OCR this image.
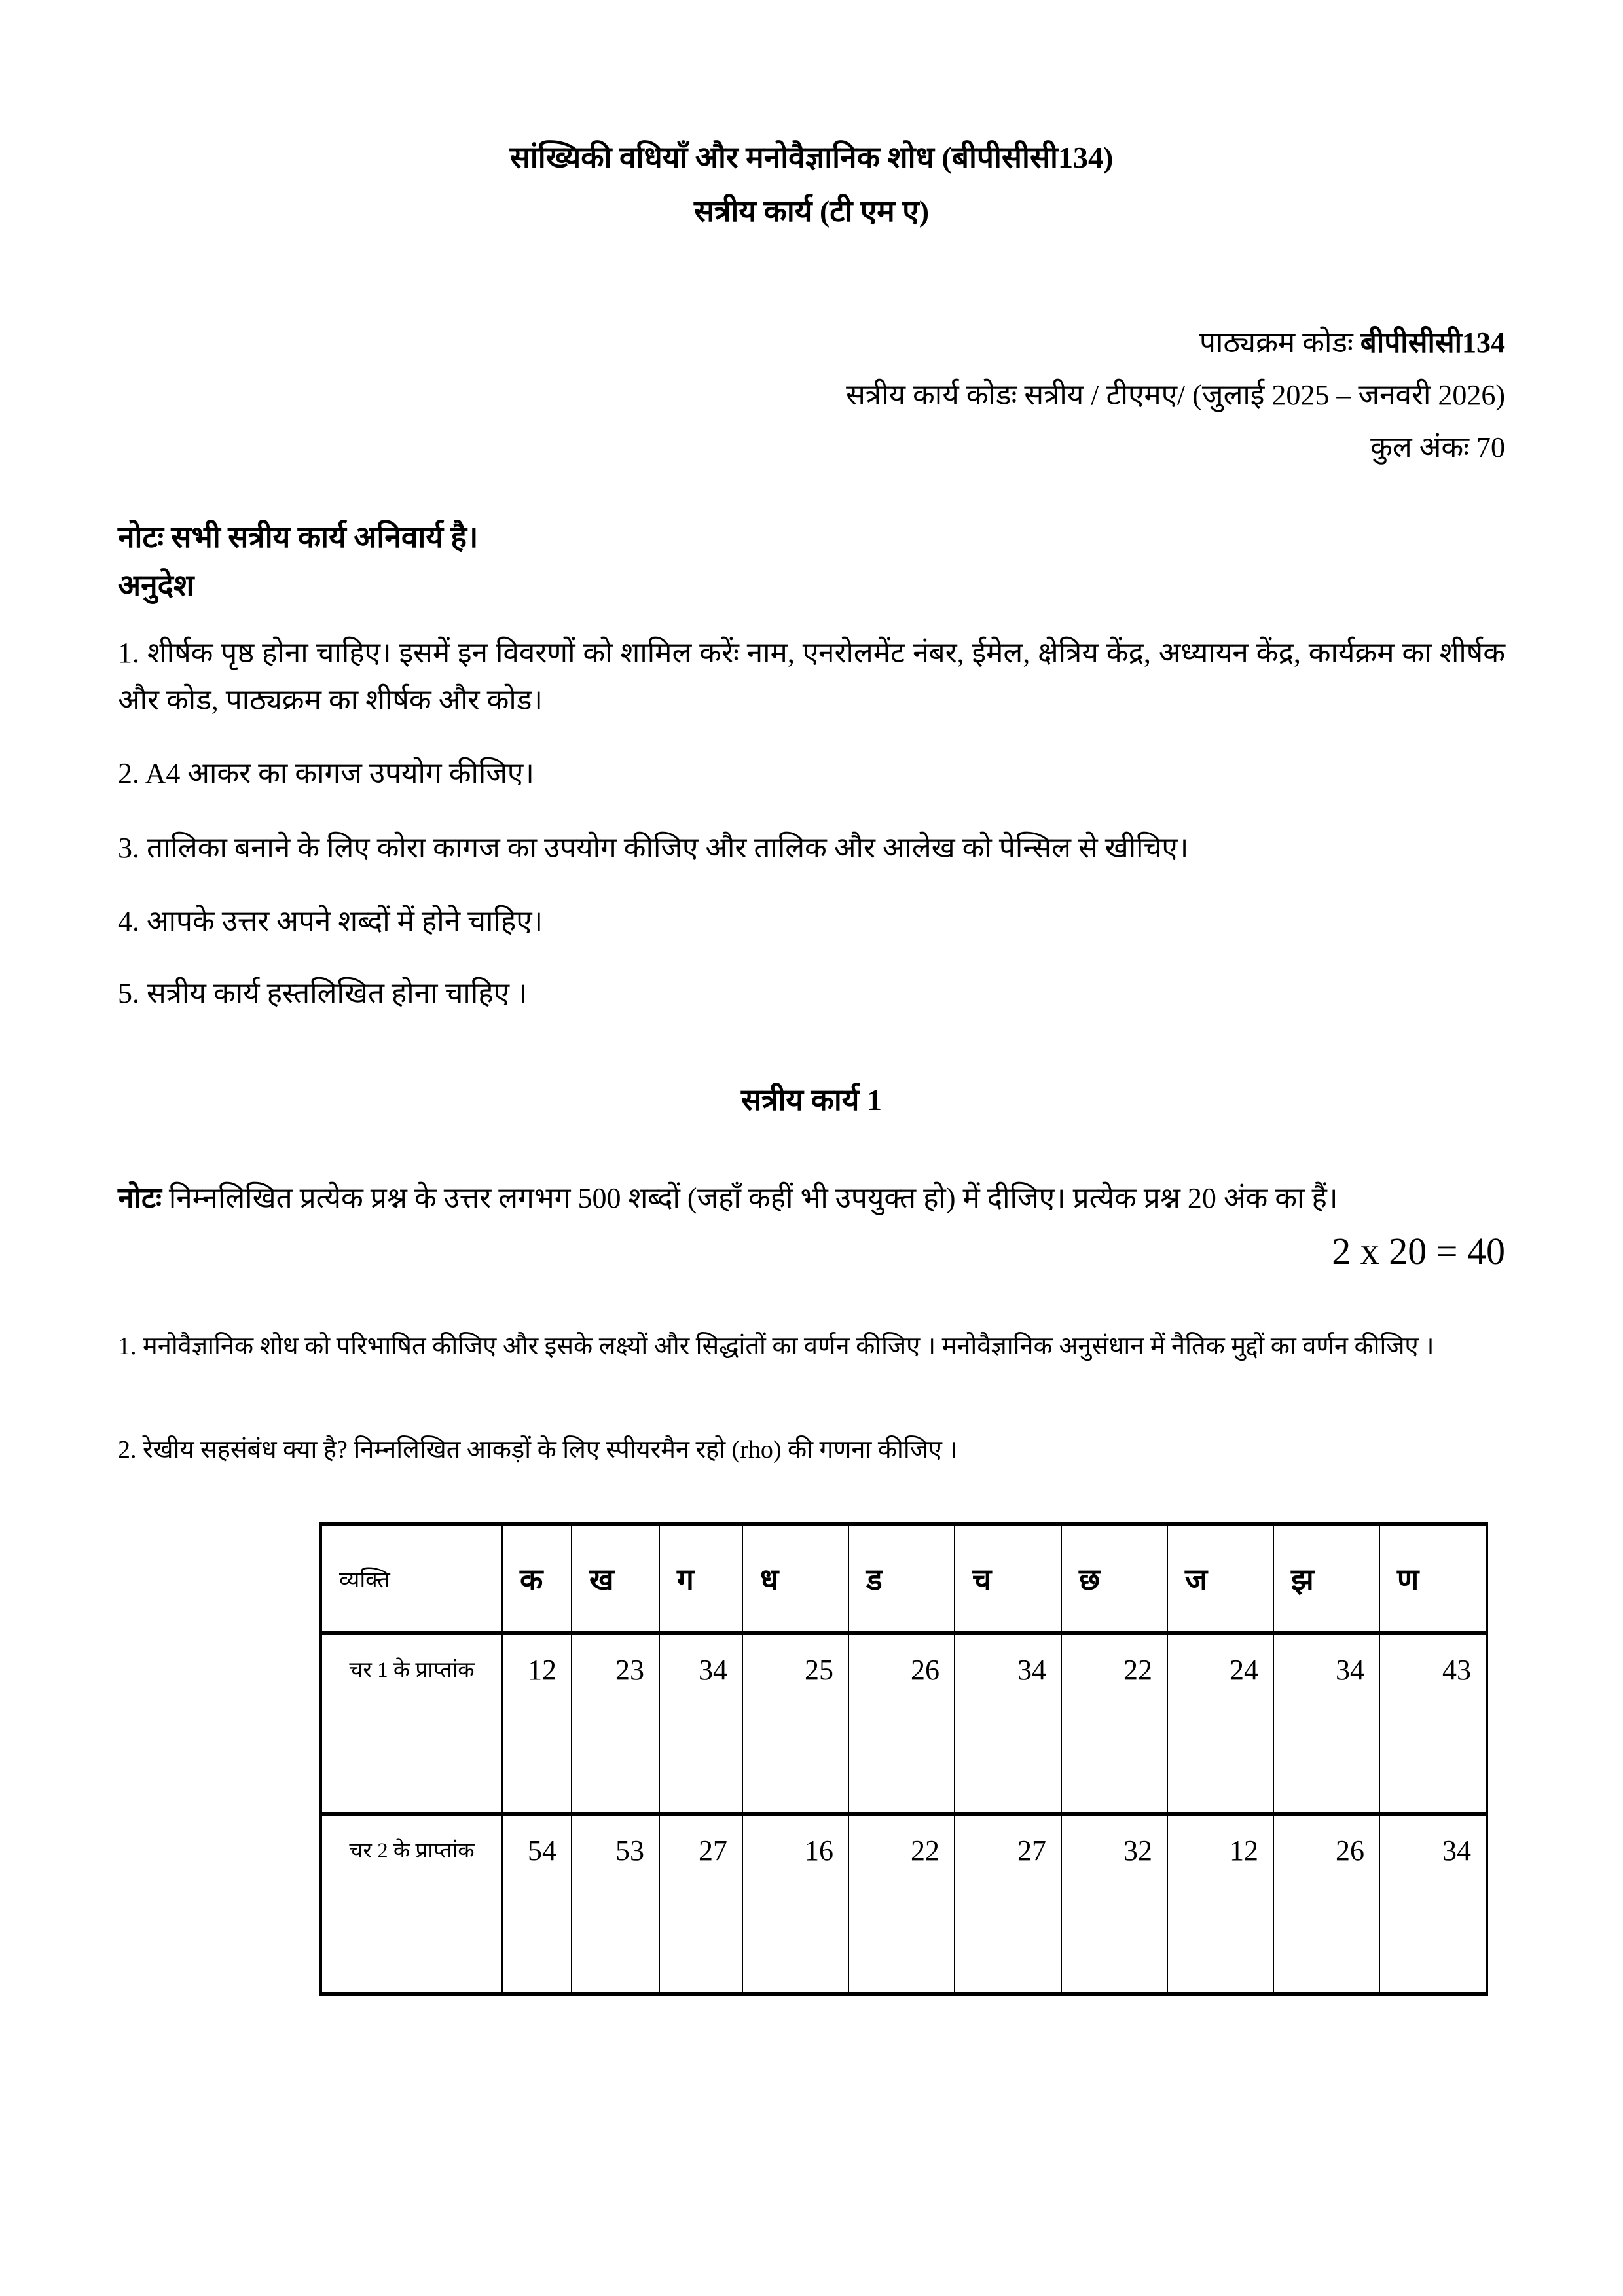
सांख्यिकी वधियाँ और मनोवैज्ञानिक शोध (बीपीसीसी134)
सत्रीय कार्य (टी एम ए)
पाठ्यक्रम कोडः बीपीसीसी134
सत्रीय कार्य कोडः सत्रीय / टीएमए/ (जुलाई 2025 – जनवरी 2026)
कुल अंकः 70
नोटः सभी सत्रीय कार्य अनिवार्य है।
अनुदेश

1. शीर्षक पृष्ठ होना चाहिए। इसमें इन विवरणों को शामिल करेंः नाम, एनरोलमेंट नंबर, ईमेल, क्षेत्रिय केंद्र, अध्यायन केंद्र, कार्यक्रम का शीर्षक और कोड, पाठ्यक्रम का शीर्षक और कोड।

2. A4 आकर का कागज उपयोग कीजिए।

3. तालिका बनाने के लिए कोरा कागज का उपयोग कीजिए और तालिक और आलेख को पेन्सिल से खीचिए।

4. आपके उत्तर अपने शब्दों में होने चाहिए।

5. सत्रीय कार्य हस्तलिखित होना चाहिए ।

सत्रीय कार्य 1

नोटः निम्नलिखित प्रत्येक प्रश्न के उत्तर लगभग 500 शब्दों (जहाँ कहीं भी उपयुक्त हो) में दीजिए। प्रत्येक प्रश्न 20 अंक का हैं।

2 x 20 = 40

1. मनोवैज्ञानिक शोध को परिभाषित कीजिए और इसके लक्ष्यों और सिद्धांतों का वर्णन कीजिए । मनोवैज्ञानिक अनुसंधान में नैतिक मुद्दों का वर्णन कीजिए ।

2. रेखीय सहसंबंध क्या है? निम्नलिखित आकड़ों के लिए स्पीयरमैन रहो (rho) की गणना कीजिए ।

व्यक्ति	क	ख	ग	ध	ड	च	छ	ज	झ	ण
चर 1 के प्राप्तांक	12	23	34	25	26	34	22	24	34	43
चर 2 के प्राप्तांक	54	53	27	16	22	27	32	12	26	34
